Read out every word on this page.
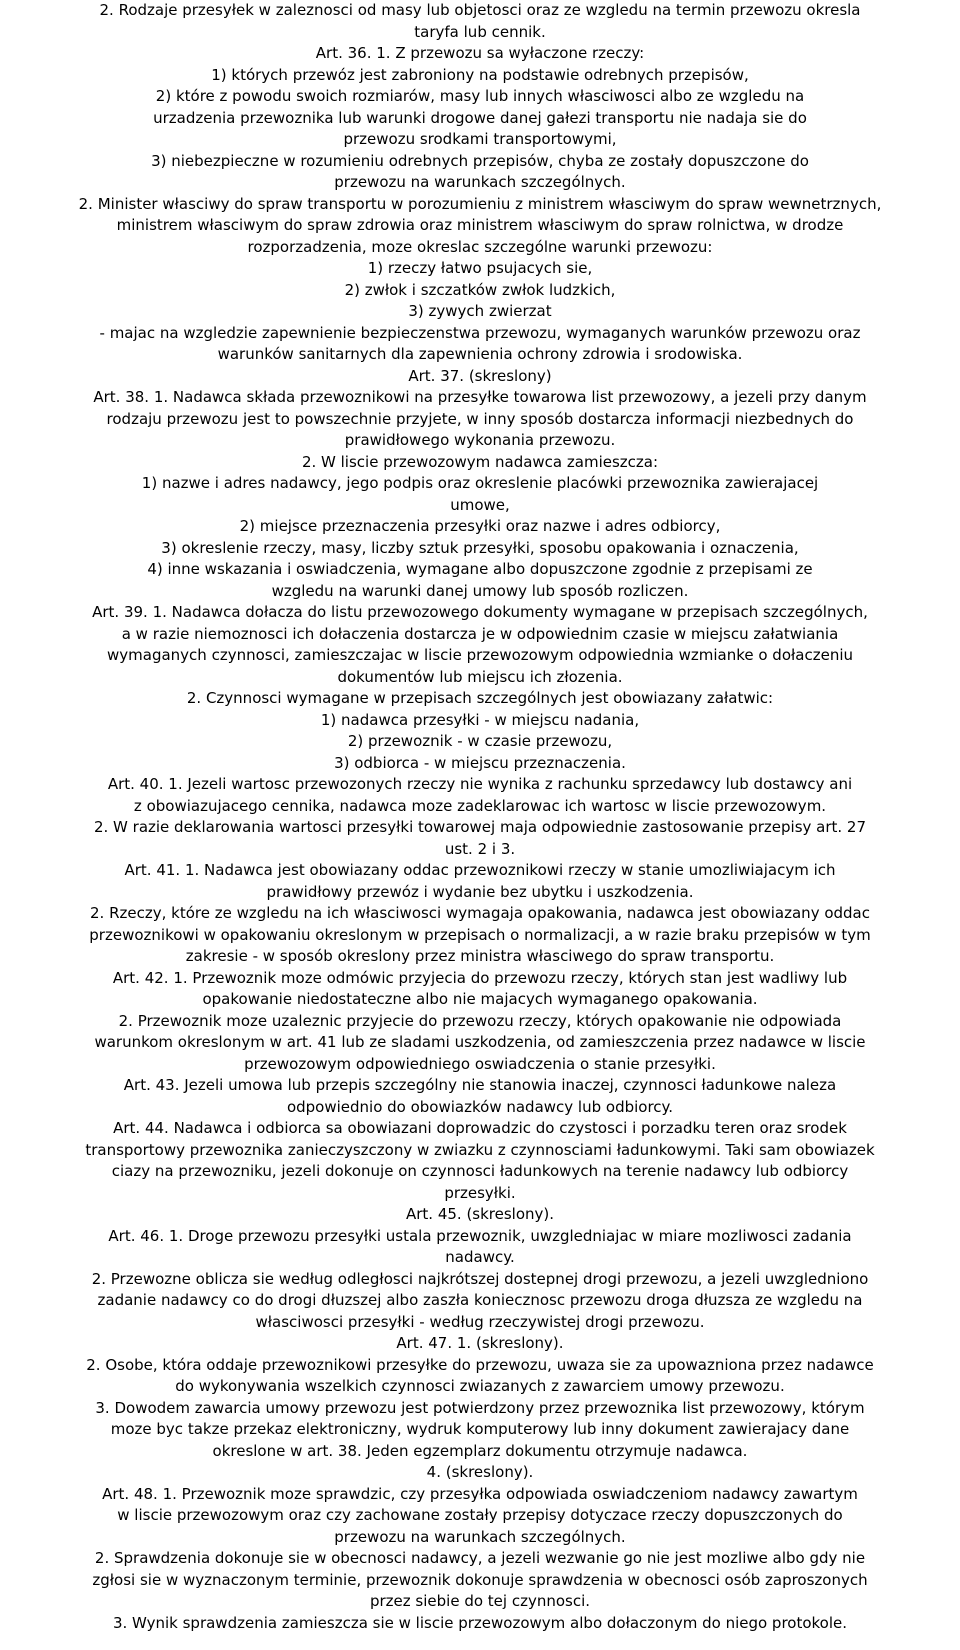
2. Rodzaje przesyłek w zaleznosci od masy lub objetosci oraz ze wzgledu na termin przewozu okresla
taryfa lub cennik.
Art. 36. 1. Z przewozu sa wyłaczone rzeczy:
1) których przewóz jest zabroniony na podstawie odrebnych przepisów,
2) które z powodu swoich rozmiarów, masy lub innych własciwosci albo ze wzgledu na
urzadzenia przewoznika lub warunki drogowe danej gałezi transportu nie nadaja sie do
przewozu srodkami transportowymi,
3) niebezpieczne w rozumieniu odrebnych przepisów, chyba ze zostały dopuszczone do
przewozu na warunkach szczególnych.
2. Minister własciwy do spraw transportu w porozumieniu z ministrem własciwym do spraw wewnetrznych,
ministrem własciwym do spraw zdrowia oraz ministrem własciwym do spraw rolnictwa, w drodze
rozporzadzenia, moze okreslac szczególne warunki przewozu:
1) rzeczy łatwo psujacych sie,
2) zwłok i szczatków zwłok ludzkich,
3) zywych zwierzat
- majac na wzgledzie zapewnienie bezpieczenstwa przewozu, wymaganych warunków przewozu oraz
warunków sanitarnych dla zapewnienia ochrony zdrowia i srodowiska.
Art. 37. (skreslony)
Art. 38. 1. Nadawca składa przewoznikowi na przesyłke towarowa list przewozowy, a jezeli przy danym
rodzaju przewozu jest to powszechnie przyjete, w inny sposób dostarcza informacji niezbednych do
prawidłowego wykonania przewozu.
2. W liscie przewozowym nadawca zamieszcza:
1) nazwe i adres nadawcy, jego podpis oraz okreslenie placówki przewoznika zawierajacej
umowe,
2) miejsce przeznaczenia przesyłki oraz nazwe i adres odbiorcy,
3) okreslenie rzeczy, masy, liczby sztuk przesyłki, sposobu opakowania i oznaczenia,
4) inne wskazania i oswiadczenia, wymagane albo dopuszczone zgodnie z przepisami ze
wzgledu na warunki danej umowy lub sposób rozliczen.
Art. 39. 1. Nadawca dołacza do listu przewozowego dokumenty wymagane w przepisach szczególnych,
a w razie niemoznosci ich dołaczenia dostarcza je w odpowiednim czasie w miejscu załatwiania
wymaganych czynnosci, zamieszczajac w liscie przewozowym odpowiednia wzmianke o dołaczeniu
dokumentów lub miejscu ich złozenia.
2. Czynnosci wymagane w przepisach szczególnych jest obowiazany załatwic:
1) nadawca przesyłki - w miejscu nadania,
2) przewoznik - w czasie przewozu,
3) odbiorca - w miejscu przeznaczenia.
Art. 40. 1. Jezeli wartosc przewozonych rzeczy nie wynika z rachunku sprzedawcy lub dostawcy ani
z obowiazujacego cennika, nadawca moze zadeklarowac ich wartosc w liscie przewozowym.
2. W razie deklarowania wartosci przesyłki towarowej maja odpowiednie zastosowanie przepisy art. 27
ust. 2 i 3.
Art. 41. 1. Nadawca jest obowiazany oddac przewoznikowi rzeczy w stanie umozliwiajacym ich
prawidłowy przewóz i wydanie bez ubytku i uszkodzenia.
2. Rzeczy, które ze wzgledu na ich własciwosci wymagaja opakowania, nadawca jest obowiazany oddac
przewoznikowi w opakowaniu okreslonym w przepisach o normalizacji, a w razie braku przepisów w tym
zakresie - w sposób okreslony przez ministra własciwego do spraw transportu.
Art. 42. 1. Przewoznik moze odmówic przyjecia do przewozu rzeczy, których stan jest wadliwy lub
opakowanie niedostateczne albo nie majacych wymaganego opakowania.
2. Przewoznik moze uzaleznic przyjecie do przewozu rzeczy, których opakowanie nie odpowiada
warunkom okreslonym w art. 41 lub ze sladami uszkodzenia, od zamieszczenia przez nadawce w liscie
przewozowym odpowiedniego oswiadczenia o stanie przesyłki.
Art. 43. Jezeli umowa lub przepis szczególny nie stanowia inaczej, czynnosci ładunkowe naleza
odpowiednio do obowiazków nadawcy lub odbiorcy.
Art. 44. Nadawca i odbiorca sa obowiazani doprowadzic do czystosci i porzadku teren oraz srodek
transportowy przewoznika zanieczyszczony w zwiazku z czynnosciami ładunkowymi. Taki sam obowiazek
ciazy na przewozniku, jezeli dokonuje on czynnosci ładunkowych na terenie nadawcy lub odbiorcy
przesyłki.
Art. 45. (skreslony).
Art. 46. 1. Droge przewozu przesyłki ustala przewoznik, uwzgledniajac w miare mozliwosci zadania
nadawcy.
2. Przewozne oblicza sie według odległosci najkrótszej dostepnej drogi przewozu, a jezeli uwzgledniono
zadanie nadawcy co do drogi dłuzszej albo zaszła koniecznosc przewozu droga dłuzsza ze wzgledu na
własciwosci przesyłki - według rzeczywistej drogi przewozu.
Art. 47. 1. (skreslony).
2. Osobe, która oddaje przewoznikowi przesyłke do przewozu, uwaza sie za upowazniona przez nadawce
do wykonywania wszelkich czynnosci zwiazanych z zawarciem umowy przewozu.
3. Dowodem zawarcia umowy przewozu jest potwierdzony przez przewoznika list przewozowy, którym
moze byc takze przekaz elektroniczny, wydruk komputerowy lub inny dokument zawierajacy dane
okreslone w art. 38. Jeden egzemplarz dokumentu otrzymuje nadawca.
4. (skreslony).
Art. 48. 1. Przewoznik moze sprawdzic, czy przesyłka odpowiada oswiadczeniom nadawcy zawartym
w liscie przewozowym oraz czy zachowane zostały przepisy dotyczace rzeczy dopuszczonych do
przewozu na warunkach szczególnych.
2. Sprawdzenia dokonuje sie w obecnosci nadawcy, a jezeli wezwanie go nie jest mozliwe albo gdy nie
zgłosi sie w wyznaczonym terminie, przewoznik dokonuje sprawdzenia w obecnosci osób zaproszonych
przez siebie do tej czynnosci.
3. Wynik sprawdzenia zamieszcza sie w liscie przewozowym albo dołaczonym do niego protokole.
